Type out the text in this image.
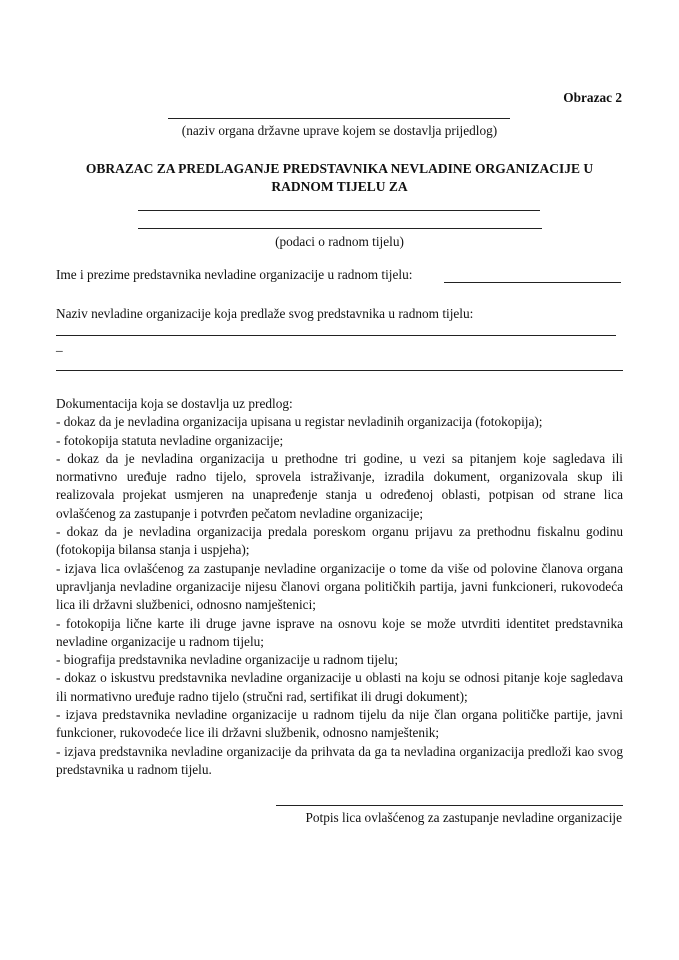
Obrazac 2
(naziv organa državne uprave kojem se dostavlja prijedlog)
OBRAZAC ZA PREDLAGANJE PREDSTAVNIKA NEVLADINE ORGANIZACIJE U RADNOM TIJELU ZA
(podaci o radnom tijelu)
Ime i prezime predstavnika nevladine organizacije u radnom tijelu:
Naziv nevladine organizacije koja predlaže svog predstavnika u radnom tijelu:
_

Dokumentacija koja se dostavlja uz predlog:

- dokaz da je nevladina organizacija upisana u registar nevladinih organizacija (fotokopija);

- fotokopija statuta nevladine organizacije;

- dokaz da je nevladina organizacija u prethodne tri godine, u vezi sa pitanjem koje sagledava ili normativno uređuje radno tijelo, sprovela istraživanje, izradila dokument, organizovala skup ili realizovala projekat usmjeren na unapređenje stanja u određenoj oblasti, potpisan od strane lica ovlašćenog za zastupanje i potvrđen pečatom nevladine organizacije;

- dokaz da je nevladina organizacija predala poreskom organu prijavu za prethodnu fiskalnu godinu (fotokopija bilansa stanja i uspjeha);

- izjava lica ovlašćenog za zastupanje nevladine organizacije o tome da više od polovine članova organa upravljanja nevladine organizacije nijesu članovi organa političkih partija, javni funkcioneri, rukovodeća lica ili državni službenici, odnosno namještenici;

- fotokopija lične karte ili druge javne isprave na osnovu koje se može utvrditi identitet predstavnika nevladine organizacije u radnom tijelu;

- biografija predstavnika nevladine organizacije u radnom tijelu;

- dokaz o iskustvu predstavnika nevladine organizacije u oblasti na koju se odnosi pitanje koje sagledava ili normativno uređuje radno tijelo (stručni rad, sertifikat ili drugi dokument);

- izjava predstavnika nevladine organizacije u radnom tijelu da nije član organa političke partije, javni funkcioner, rukovodeće lice ili državni službenik, odnosno namještenik;

- izjava predstavnika nevladine organizacije da prihvata da ga ta nevladina organizacija predloži kao svog predstavnika u radnom tijelu.

Potpis lica ovlašćenog za zastupanje nevladine organizacije
